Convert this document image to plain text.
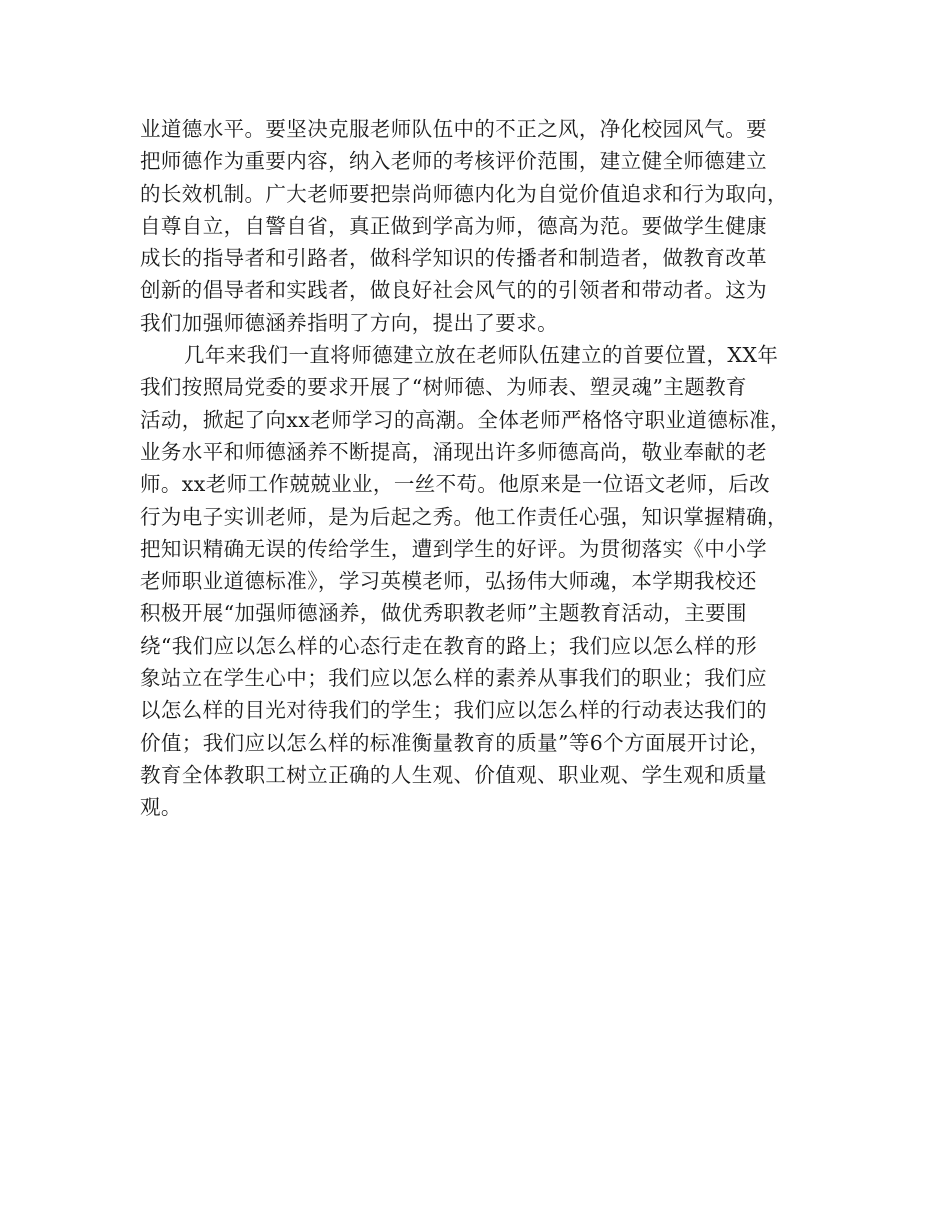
业道德水平。要坚决克服老师队伍中的不正之风，净化校园风气。要
把师德作为重要内容，纳入老师的考核评价范围，建立健全师德建立
的长效机制。广大老师要把崇尚师德内化为自觉价值追求和行为取向，
自尊自立，自警自省，真正做到学高为师，德高为范。要做学生健康
成长的指导者和引路者，做科学知识的传播者和制造者，做教育改革
创新的倡导者和实践者，做良好社会风气的的引领者和带动者。这为
我们加强师德涵养指明了方向，提出了要求。
几年来我们一直将师德建立放在老师队伍建立的首要位置，XX年
我们按照局党委的要求开展了“树师德、为师表、塑灵魂”主题教育
活动，掀起了向xx老师学习的高潮。全体老师严格恪守职业道德标准，
业务水平和师德涵养不断提高，涌现出许多师德高尚，敬业奉献的老
师。xx老师工作兢兢业业，一丝不苟。他原来是一位语文老师，后改
行为电子实训老师，是为后起之秀。他工作责任心强，知识掌握精确，
把知识精确无误的传给学生，遭到学生的好评。为贯彻落实《中小学
老师职业道德标准》，学习英模老师，弘扬伟大师魂，本学期我校还
积极开展“加强师德涵养，做优秀职教老师”主题教育活动，主要围
绕“我们应以怎么样的心态行走在教育的路上；我们应以怎么样的形
象站立在学生心中；我们应以怎么样的素养从事我们的职业；我们应
以怎么样的目光对待我们的学生；我们应以怎么样的行动表达我们的
价值；我们应以怎么样的标准衡量教育的质量”等6个方面展开讨论，
教育全体教职工树立正确的人生观、价值观、职业观、学生观和质量
观。
